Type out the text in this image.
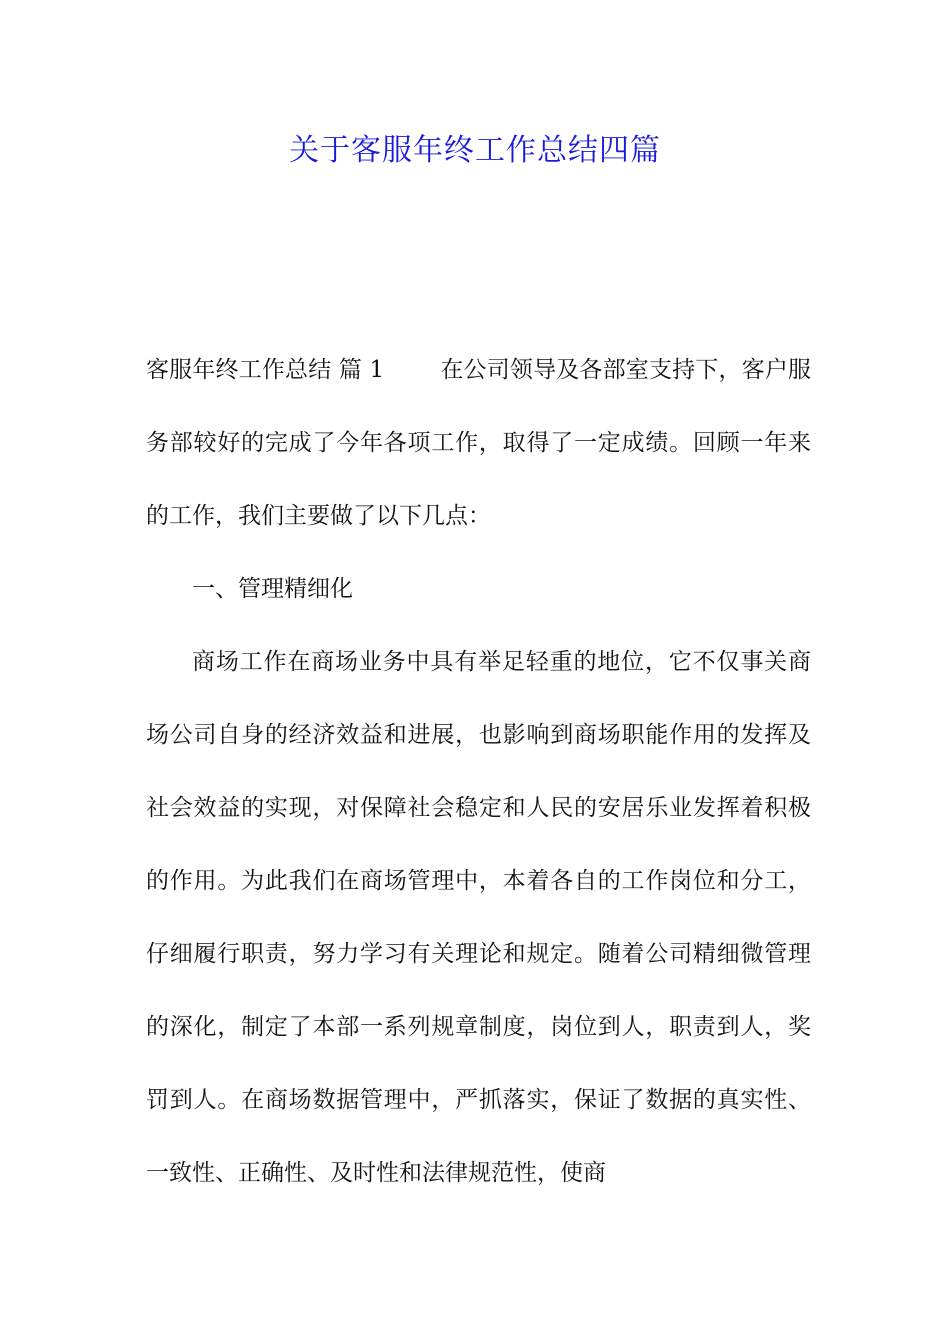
关于客服年终工作总结四篇

客服年终工作总结 篇 1 在公司领导及各部室支持下，客户服务部较好的完成了今年各项工作，取得了一定成绩。回顾一年来的工作，我们主要做了以下几点：

一、管理精细化

商场工作在商场业务中具有举足轻重的地位，它不仅事关商场公司自身的经济效益和进展，也影响到商场职能作用的发挥及社会效益的实现，对保障社会稳定和人民的安居乐业发挥着积极的作用。为此我们在商场管理中，本着各自的工作岗位和分工，仔细履行职责，努力学习有关理论和规定。随着公司精细微管理的深化，制定了本部一系列规章制度，岗位到人，职责到人，奖罚到人。在商场数据管理中，严抓落实，保证了数据的真实性、一致性、正确性、及时性和法律规范性，使商
